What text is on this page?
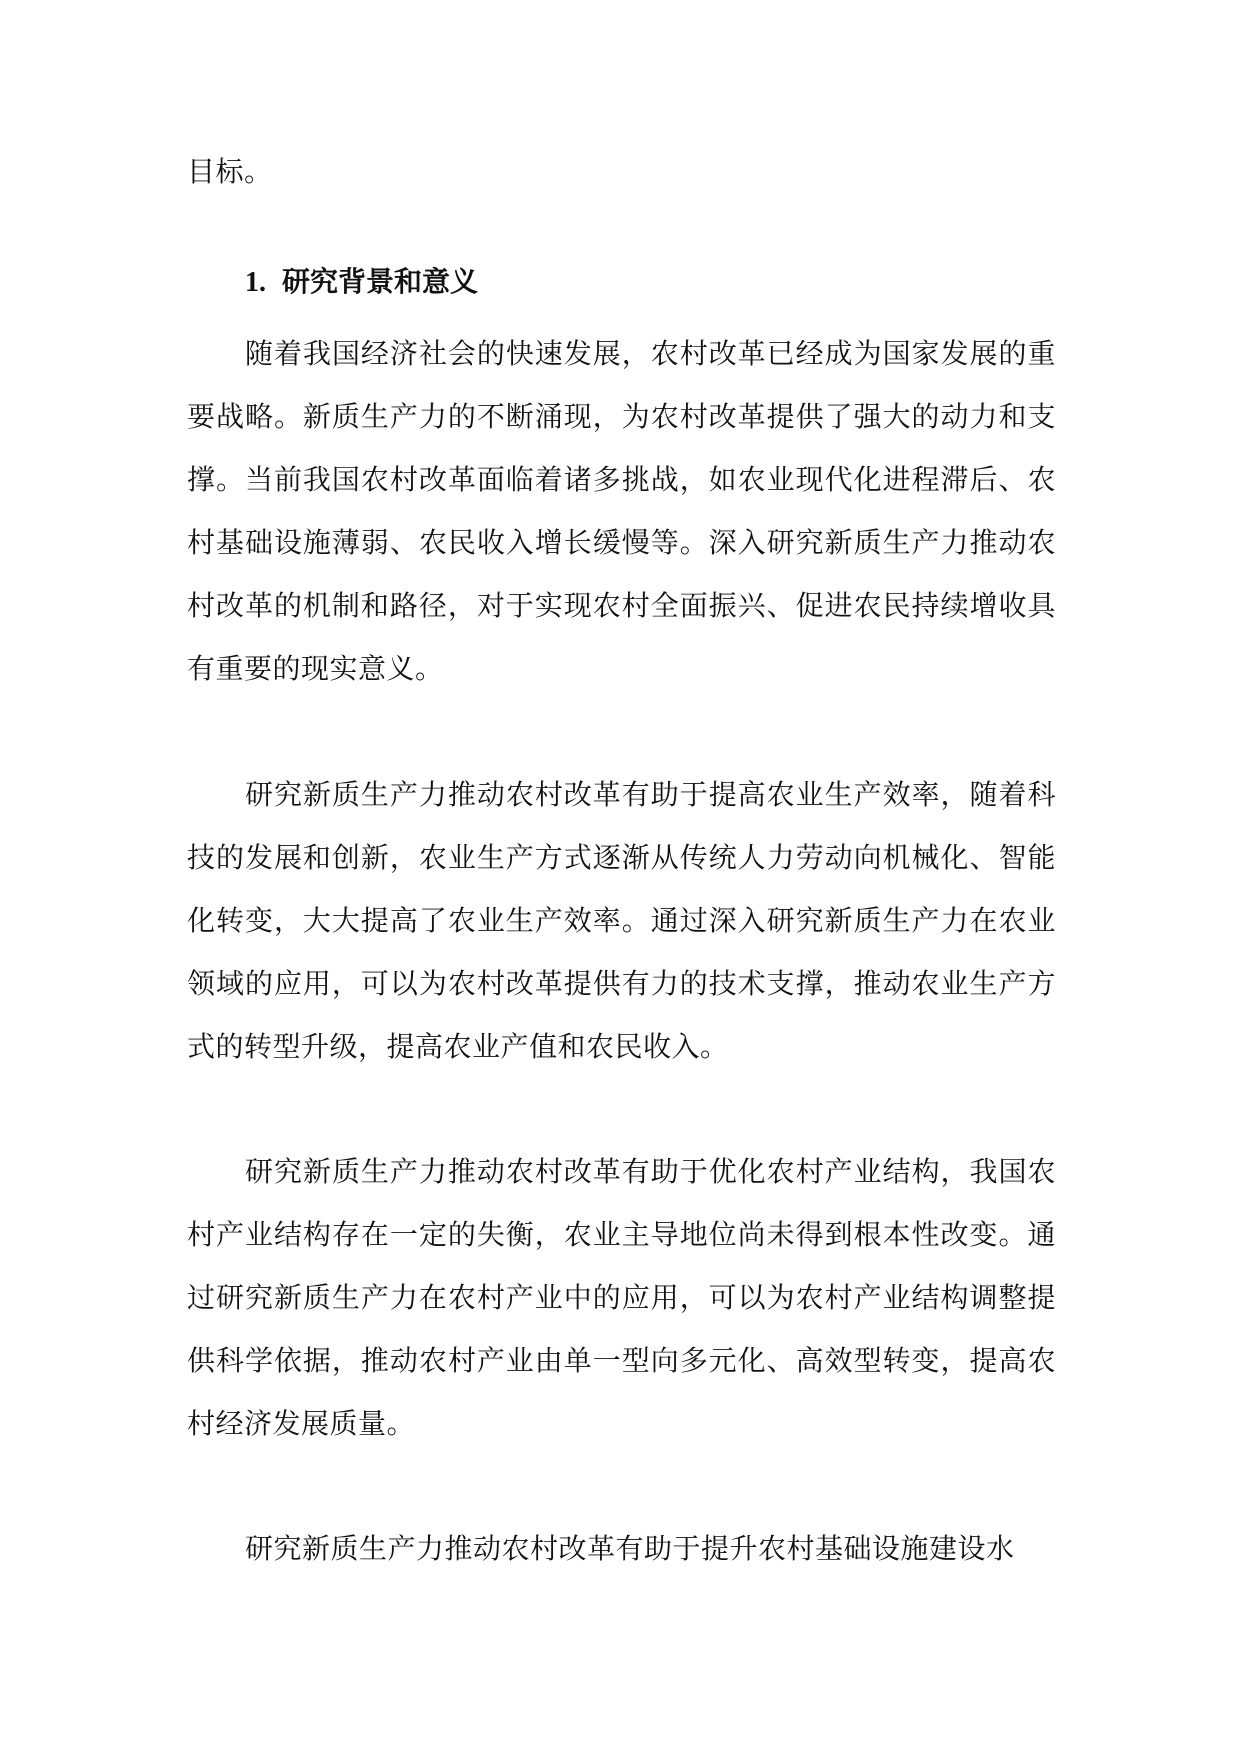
目标。

1. 研究背景和意义

随着我国经济社会的快速发展，农村改革已经成为国家发展的重要战略。新质生产力的不断涌现，为农村改革提供了强大的动力和支撑。当前我国农村改革面临着诸多挑战，如农业现代化进程滞后、农村基础设施薄弱、农民收入增长缓慢等。深入研究新质生产力推动农村改革的机制和路径，对于实现农村全面振兴、促进农民持续增收具有重要的现实意义。

研究新质生产力推动农村改革有助于提高农业生产效率，随着科技的发展和创新，农业生产方式逐渐从传统人力劳动向机械化、智能化转变，大大提高了农业生产效率。通过深入研究新质生产力在农业领域的应用，可以为农村改革提供有力的技术支撑，推动农业生产方式的转型升级，提高农业产值和农民收入。

研究新质生产力推动农村改革有助于优化农村产业结构，我国农村产业结构存在一定的失衡，农业主导地位尚未得到根本性改变。通过研究新质生产力在农村产业中的应用，可以为农村产业结构调整提供科学依据，推动农村产业由单一型向多元化、高效型转变，提高农村经济发展质量。

研究新质生产力推动农村改革有助于提升农村基础设施建设水
